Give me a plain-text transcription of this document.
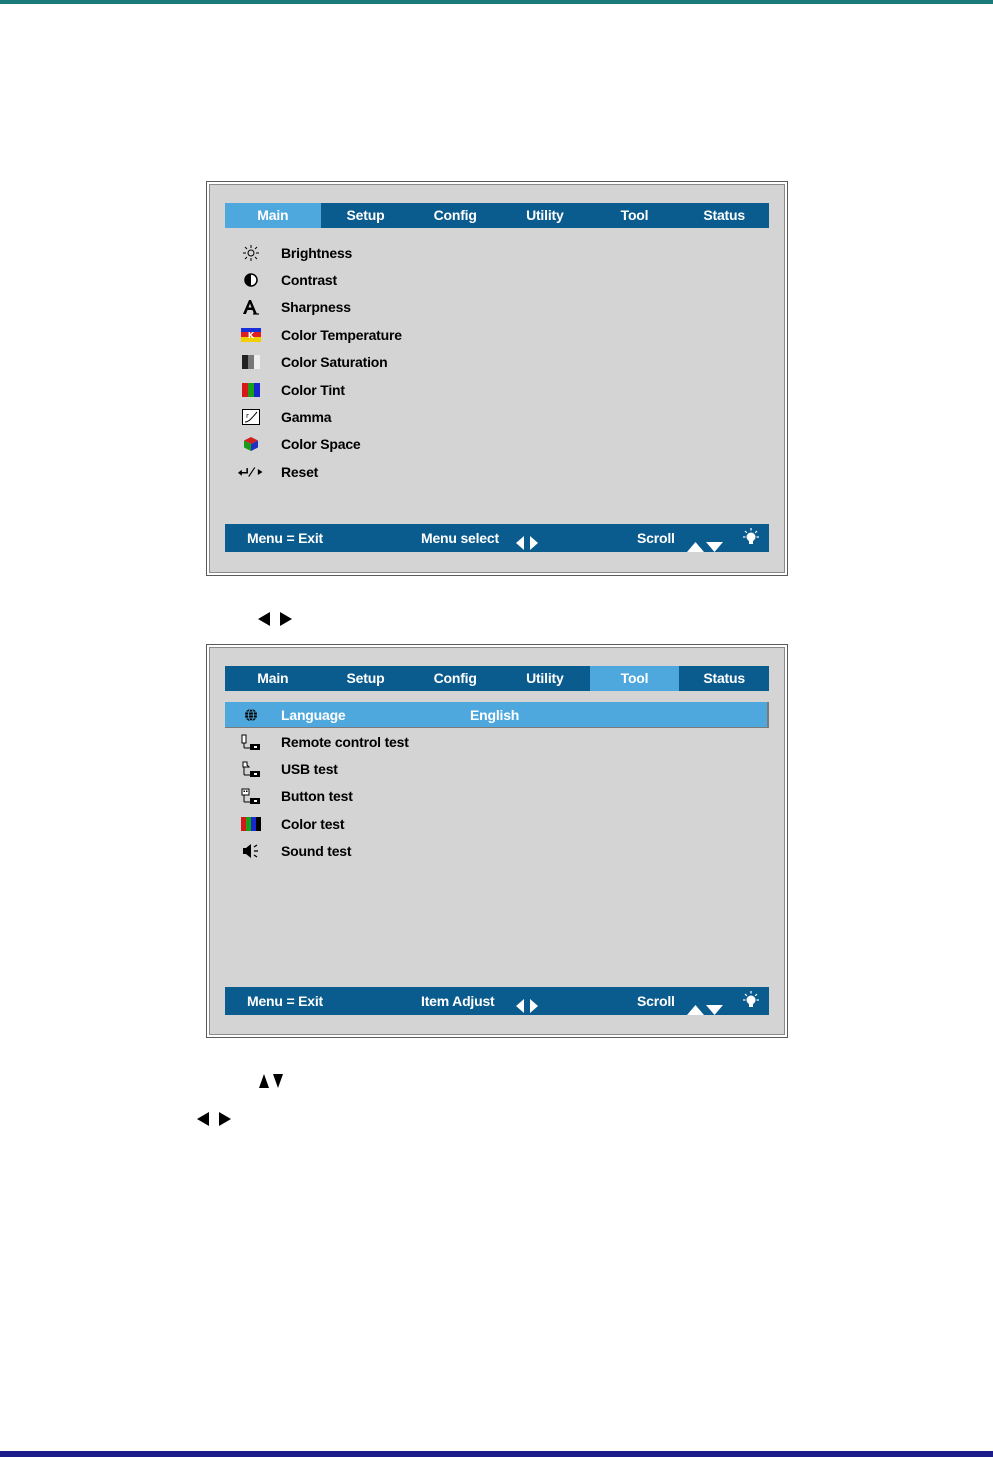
Main	Setup	Config	Utility	Tool	Status
Brightness
Contrast
Sharpness
K Color Temperature
Color Saturation
Color Tint
r Gamma
Color Space
Reset
Menu = Exit	Menu select	Scroll
Main	Setup	Config	Utility	Tool	Status
Language	English
Remote control test
USB test
Button test
Color test
Sound test
Menu = Exit	Item Adjust	Scroll
